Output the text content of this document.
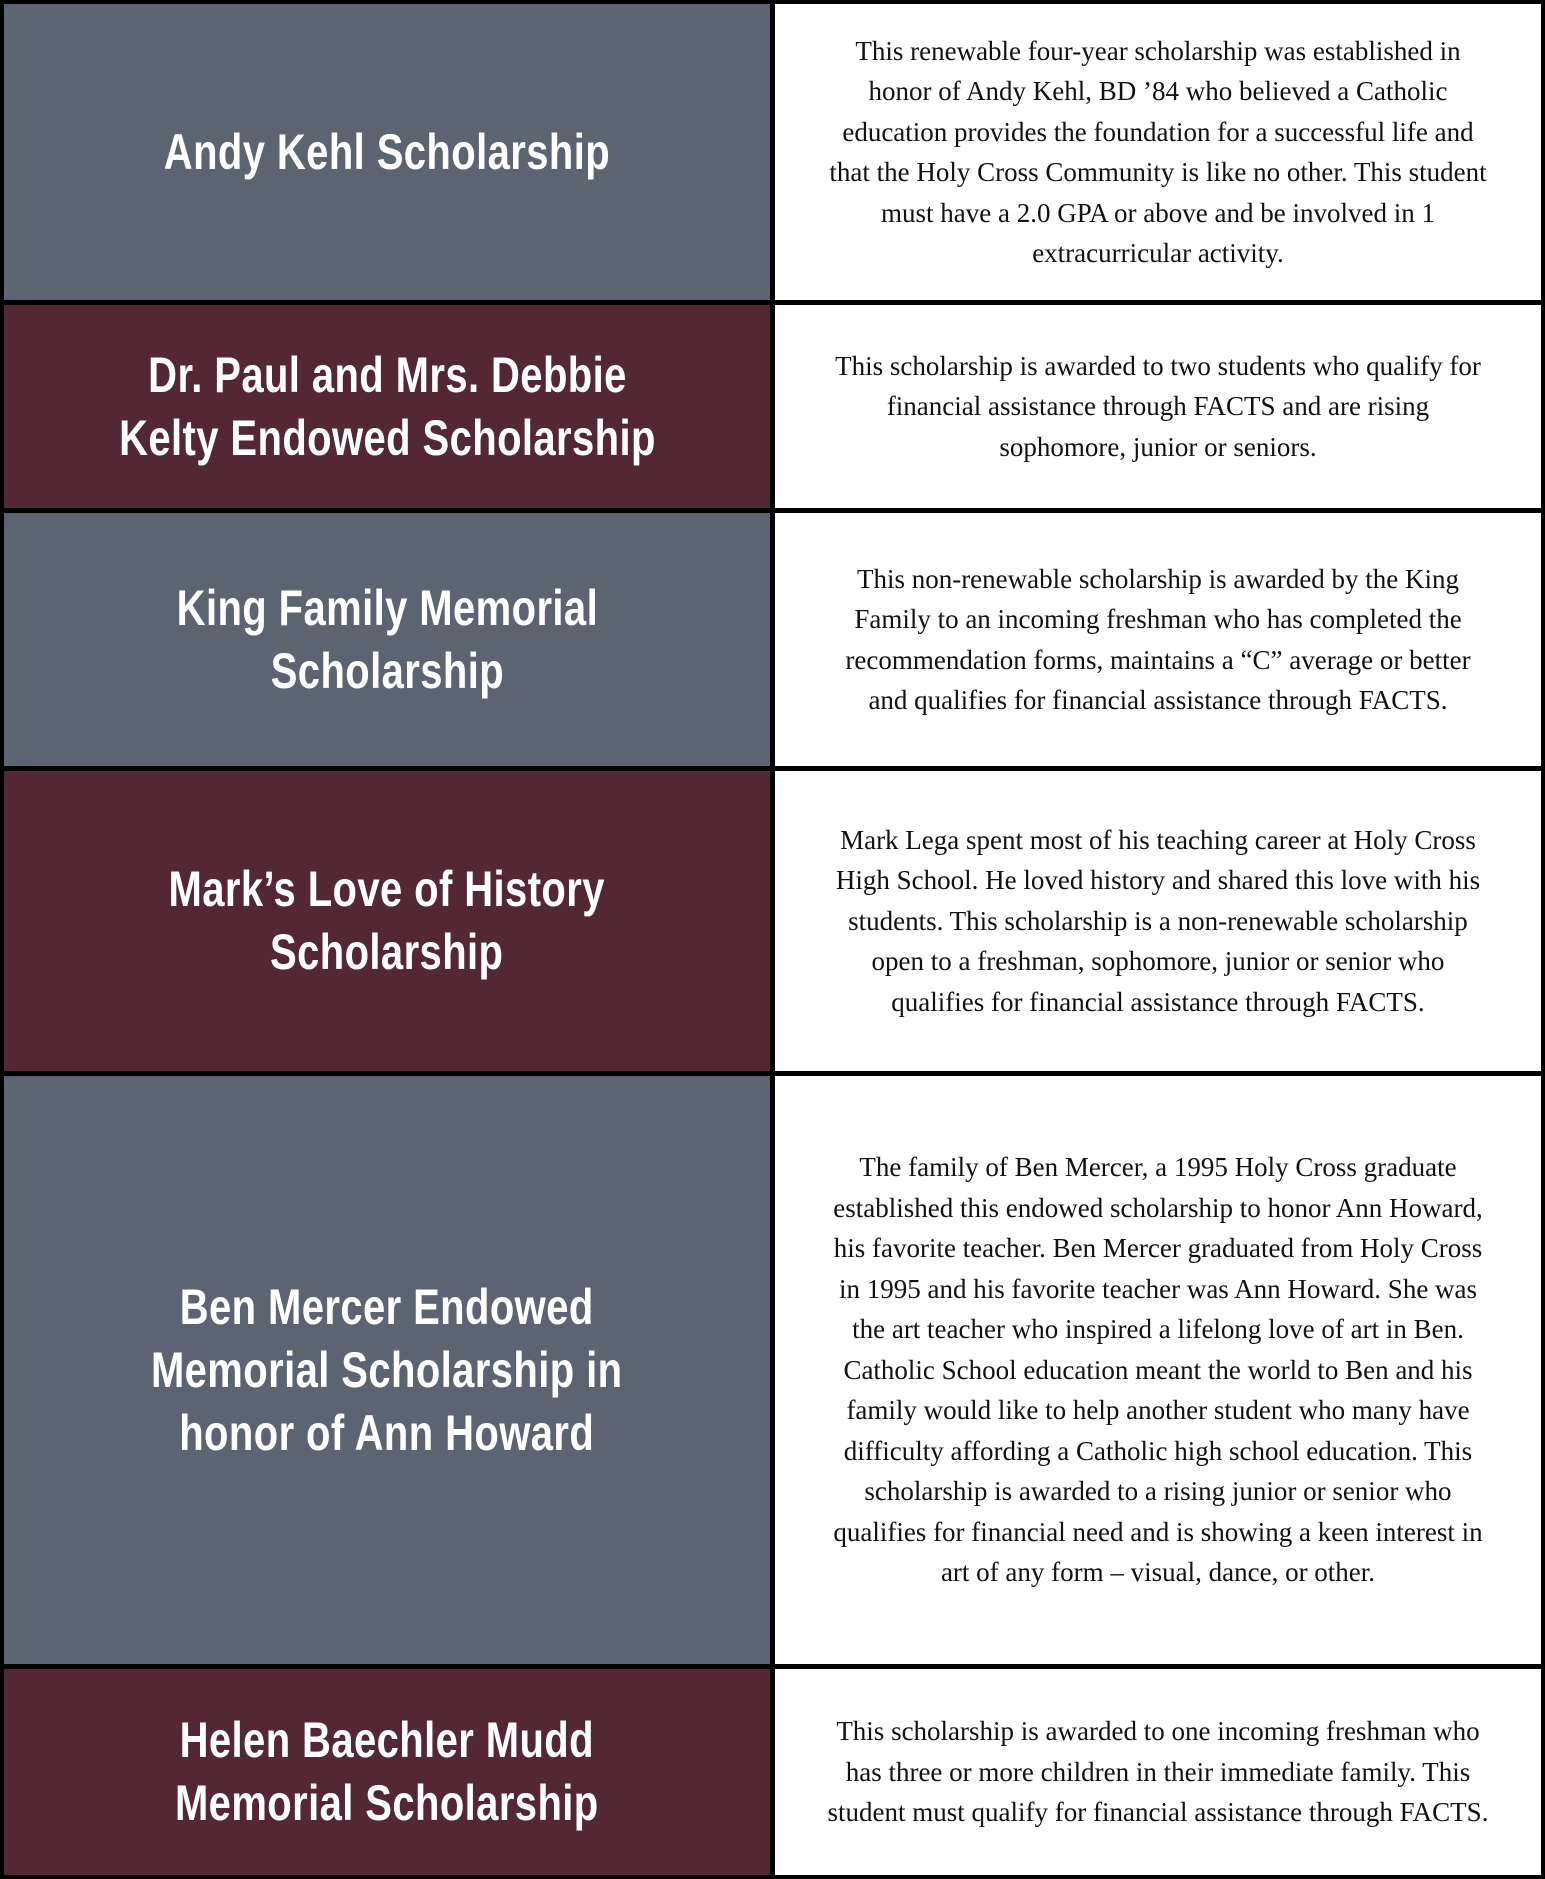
Andy Kehl Scholarship
This renewable four-year scholarship was established in honor of Andy Kehl, BD ’84 who believed a Catholic education provides the foundation for a successful life and that the Holy Cross Community is like no other. This student must have a 2.0 GPA or above and be involved in 1 extracurricular activity.
Dr. Paul and Mrs. Debbie
Kelty Endowed Scholarship
This scholarship is awarded to two students who qualify for financial assistance through FACTS and are rising sophomore, junior or seniors.
King Family Memorial
Scholarship
This non-renewable scholarship is awarded by the King Family to an incoming freshman who has completed the recommendation forms, maintains a “C” average or better and qualifies for financial assistance through FACTS.
Mark’s Love of History
Scholarship
Mark Lega spent most of his teaching career at Holy Cross High School. He loved history and shared this love with his students. This scholarship is a non-renewable scholarship open to a freshman, sophomore, junior or senior who qualifies for financial assistance through FACTS.
Ben Mercer Endowed
Memorial Scholarship in
honor of Ann Howard
The family of Ben Mercer, a 1995 Holy Cross graduate established this endowed scholarship to honor Ann Howard, his favorite teacher. Ben Mercer graduated from Holy Cross in 1995 and his favorite teacher was Ann Howard. She was the art teacher who inspired a lifelong love of art in Ben. Catholic School education meant the world to Ben and his family would like to help another student who many have difficulty affording a Catholic high school education. This scholarship is awarded to a rising junior or senior who qualifies for financial need and is showing a keen interest in art of any form – visual, dance, or other.
Helen Baechler Mudd
Memorial Scholarship
This scholarship is awarded to one incoming freshman who has three or more children in their immediate family. This student must qualify for financial assistance through FACTS.
